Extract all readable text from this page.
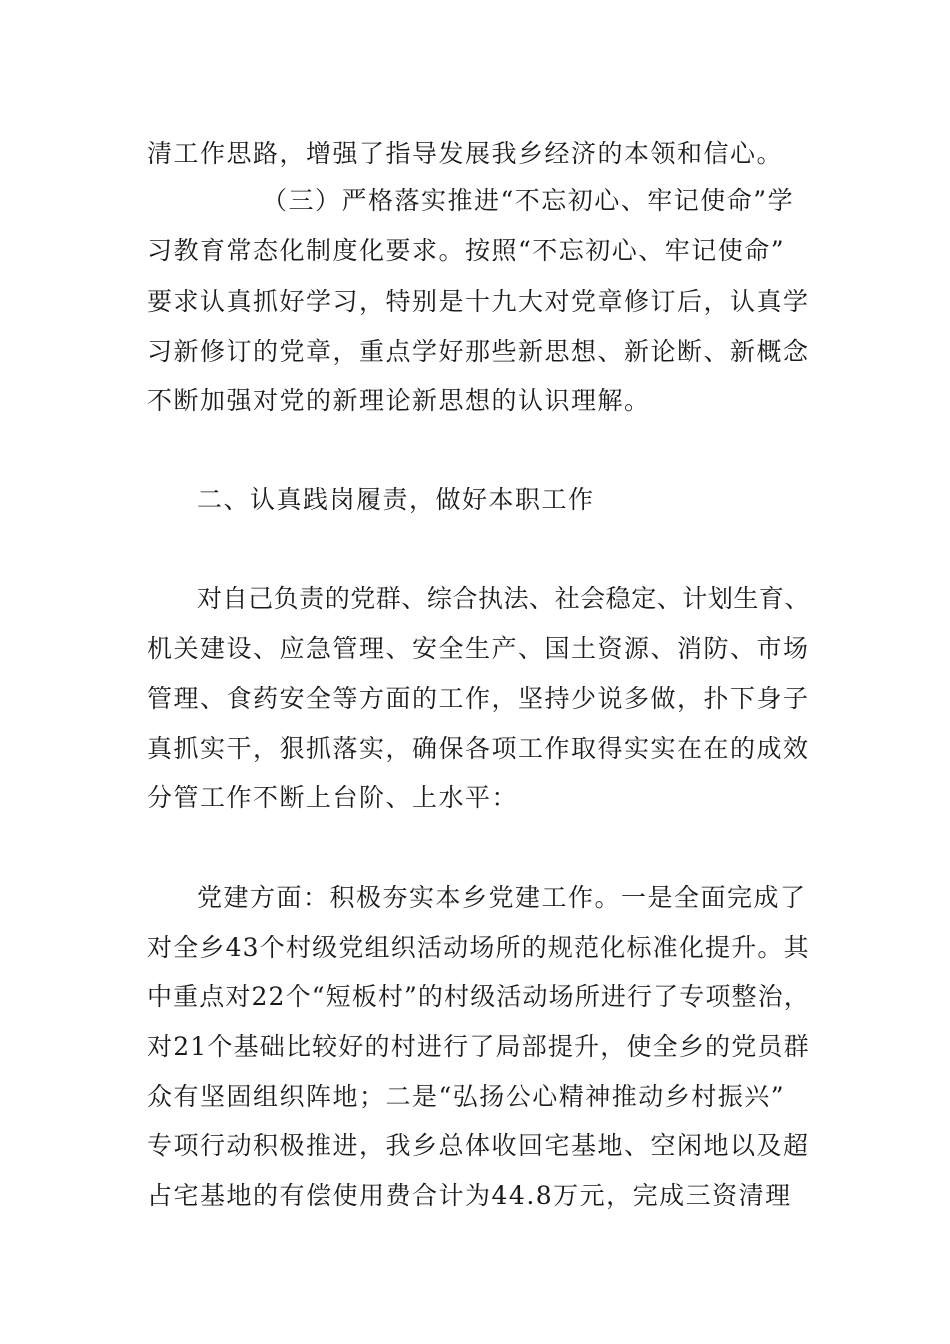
清工作思路，增强了指导发展我乡经济的本领和信心。
（三）严格落实推进“不忘初心、牢记使命”学
习教育常态化制度化要求。按照“不忘初心、牢记使命”
要求认真抓好学习，特别是十九大对党章修订后，认真学
习新修订的党章，重点学好那些新思想、新论断、新概念
不断加强对党的新理论新思想的认识理解。
二、认真践岗履责，做好本职工作
对自己负责的党群、综合执法、社会稳定、计划生育、
机关建设、应急管理、安全生产、国土资源、消防、市场
管理、食药安全等方面的工作，坚持少说多做，扑下身子
真抓实干，狠抓落实，确保各项工作取得实实在在的成效
分管工作不断上台阶、上水平：
党建方面：积极夯实本乡党建工作。一是全面完成了
对全乡43个村级党组织活动场所的规范化标准化提升。其
中重点对22个“短板村”的村级活动场所进行了专项整治，
对21个基础比较好的村进行了局部提升，使全乡的党员群
众有坚固组织阵地；二是“弘扬公心精神推动乡村振兴”
专项行动积极推进，我乡总体收回宅基地、空闲地以及超
占宅基地的有偿使用费合计为44.8万元，完成三资清理
